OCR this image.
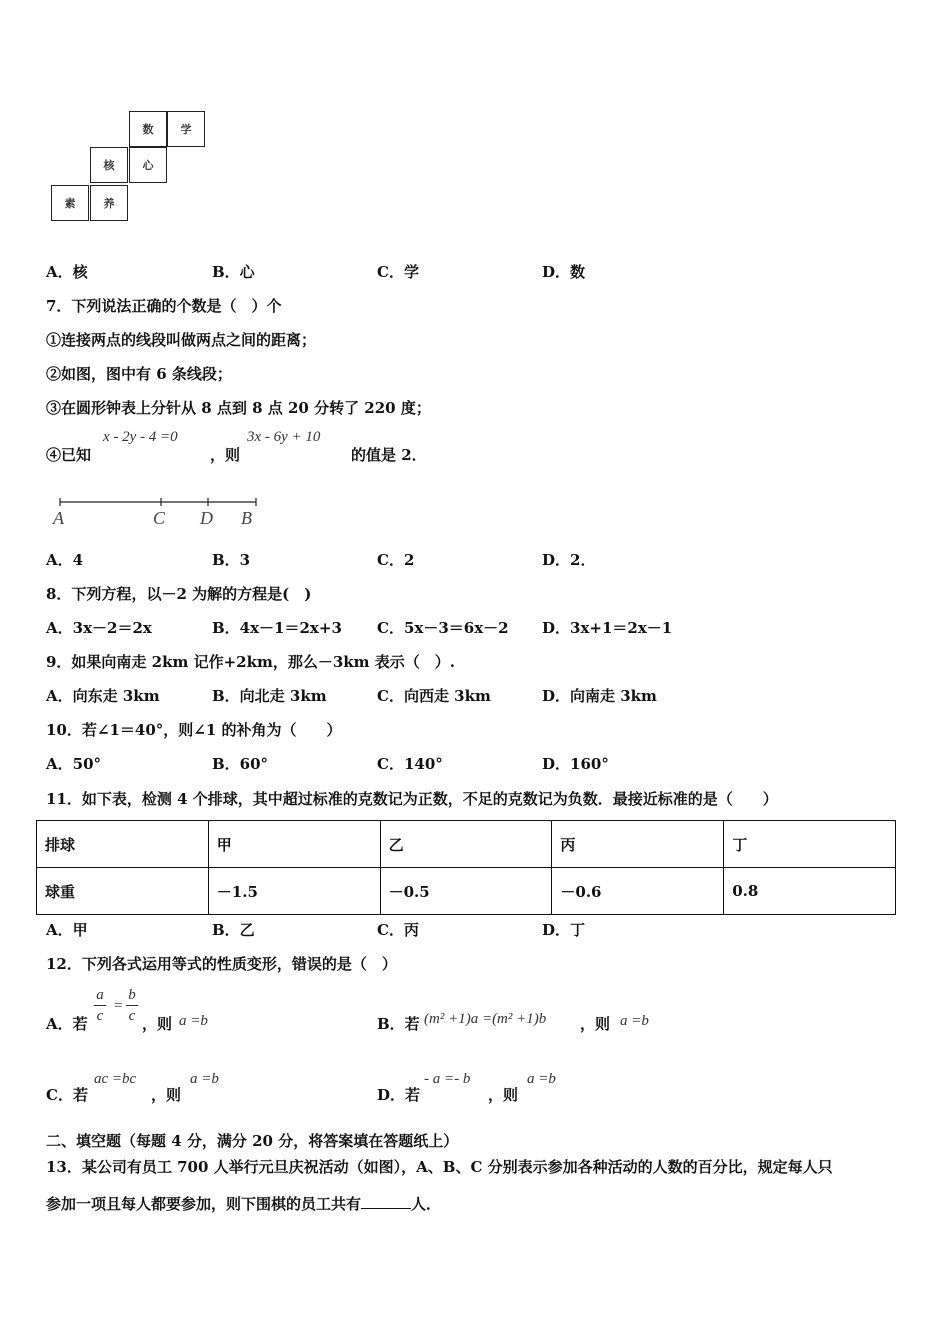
数	学
核	心
素	养
A．核	B．心	C．学	D．数
7．下列说法正确的个数是（　）个
①连接两点的线段叫做两点之间的距离；
②如图，图中有 6 条线段；
③在圆形钟表上分针从 8 点到 8 点 20 分转了 220 度；
④已知
x - 2y - 4 =0
，则
3x - 6y + 10
的值是 2．
A	C D B
A．4	B．3	C．2	D．2．
8．下列方程，以－2 为解的方程是(　)
A．3x－2＝2x	B．4x－1＝2x+3 C．5x－3＝6x－2 D．3x+1＝2x－1
9．如果向南走 2km 记作+2km，那么－3km 表示（　）.
A．向东走 3km	B．向北走 3km	C．向西走 3km	D．向南走 3km
10．若∠1＝40°，则∠1 的补角为（　　）
A．50°	B．60°	C．140°	D．160°
11．如下表，检测 4 个排球，其中超过标准的克数记为正数，不足的克数记为负数．最接近标准的是（　　）
排球	甲	乙	丙	丁
球重	－1.5	－0.5	－0.6	0.8
A．甲	B．乙	C．丙	D．丁
12．下列各式运用等式的性质变形，错误的是（　）
A．若 $\frac{a}{c} = \frac{b}{c}$ ，则 a =b	B．若 (m² +1)a =(m² +1)b ，则 a =b
C．若
ac =bc
，则
a =b
D．若
- a =- b
，则
a =b
二、填空题（每题 4 分，满分 20 分，将答案填在答题纸上）
13．某公司有员工 700 人举行元旦庆祝活动（如图），A、B、C 分别表示参加各种活动的人数的百分比，规定每人只
参加一项且每人都要参加，则下围棋的员工共有	人．
